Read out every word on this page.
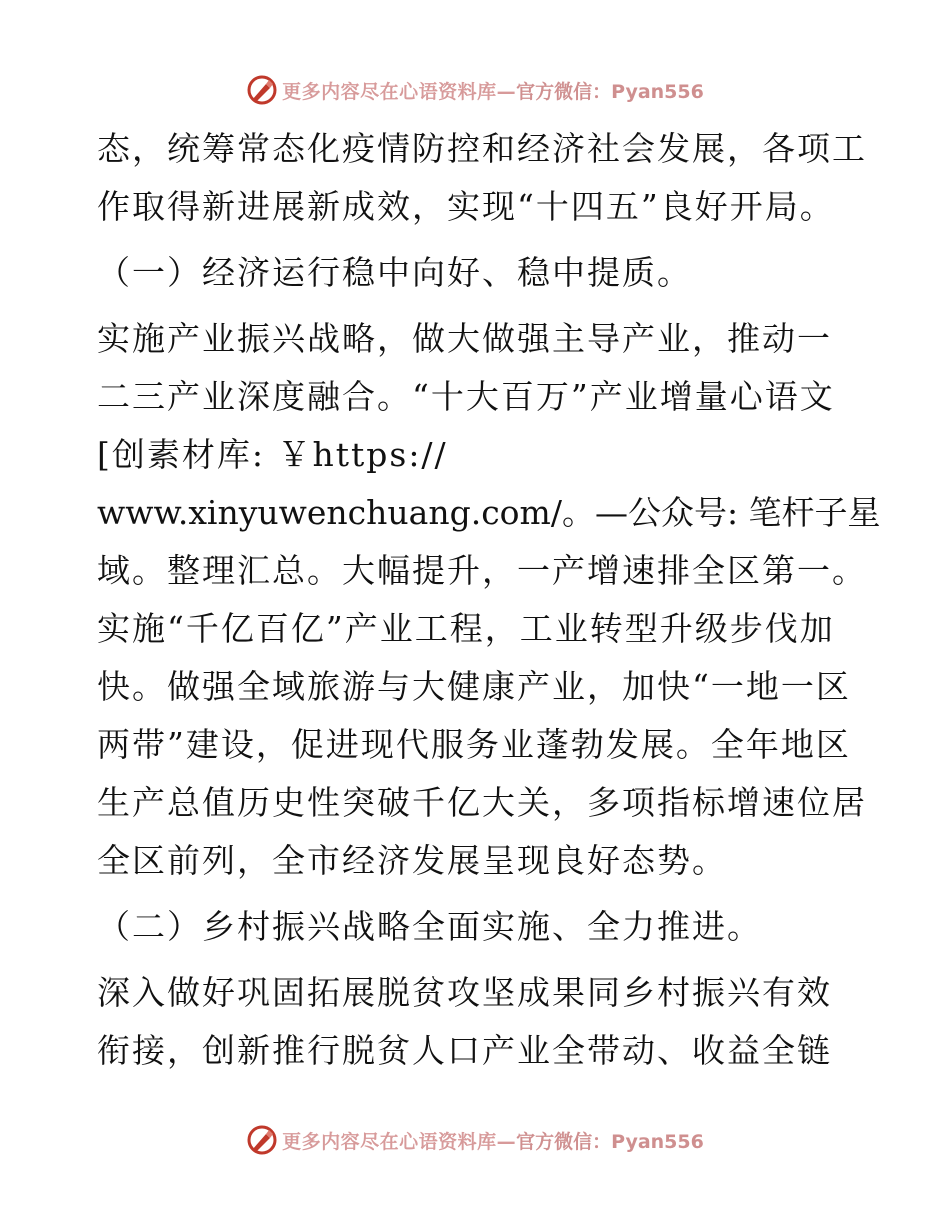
更多内容尽在心语资料库— 官方微信：Pyan556
态，统筹常态化疫情防控和经济社会发展，各项工
作取得新进展新成效，实现“十四五”良好开局。
（一）经济运行稳中向好、稳中提质。
实施产业振兴战略，做大做强主导产业，推动一
二三产业深度融合。“十大百万”产业增量心语文
[创素材库: ￥https://
www.xinyuwenchuang.com/。—公众号: 笔杆子星
域。整理汇总。大幅提升，一产增速排全区第一。
实施“千亿百亿”产业工程，工业转型升级步伐加
快。做强全域旅游与大健康产业，加快“一地一区
两带”建设，促进现代服务业蓬勃发展。全年地区
生产总值历史性突破千亿大关，多项指标增速位居
全区前列，全市经济发展呈现良好态势。
（二）乡村振兴战略全面实施、全力推进。
深入做好巩固拓展脱贫攻坚成果同乡村振兴有效
衔接，创新推行脱贫人口产业全带动、收益全链
更多内容尽在心语资料库— 官方微信：Pyan556
